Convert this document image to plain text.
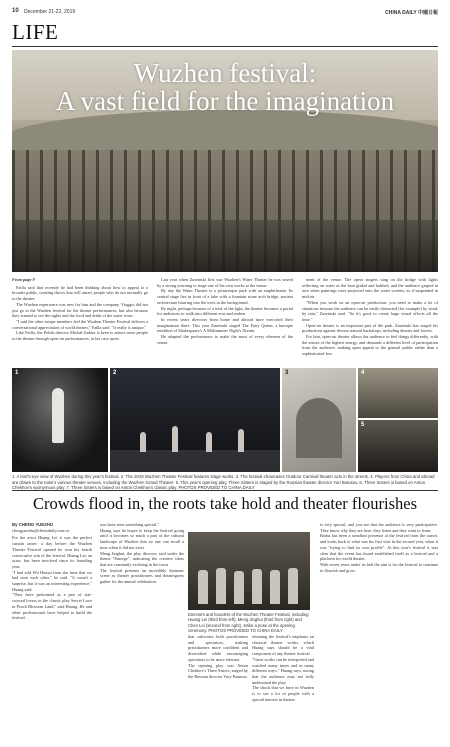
10 December 21-22, 2019	CHINA DAILY 中國日報
LIFE
Wuzhen festival:
A vast field for the imagination

From page 9

Failla said that recently he had been thinking about how to appeal to a broader public, creating shows that will attract people who do not normally go to the theater.

The Wuzhen experience was new for him and the company. Viaggio did not just go to the Wuzhen festival for the theater performances, but also because they wanted to see the sights and the food and drink of the water town.

"I said the other troupe members feel the Wuzhen Theater Festival delivers a conversational appreciation of world theater," Failla said. "It really is unique."

Like Failla, the Polish director Michał Zadara is keen to attract more people to the theater through open-air performances, in his case spots.

Last year when Zaseinski first saw Wuzhen's Water Theater he was seized by a strong yearning to stage one of his own works at the venue.

By day the Water Theater is a picturesque park with an amphitheater. Its central stage lies in front of a lake with a fountain stone arch bridge, ancient architecture blurring into the trees in the background.

By night, perhaps because of a trick of the light, the theater becomes a portal for audiences to walk into different eras and realms.

In recent years directors from home and abroad have exercised their imaginations there. This year Zaseinski staged The Fairy Queen, a baroque rendition of Shakespeare's A Midsummer Night's Dream.

He adapted the performance to make the most of every element of the venue.

ment of the venue. The opera singers sang on the bridge with lights reflecting on water as the boat glided and bobbed, and the audience gasped in awe when paintings were projected onto the water screens, as if suspended in mid-air.

"When you work on an open-air production, you need to make a lot of situations because the audience can be easily distracted (for example) by wind, by rain," Zaseinski said. "So it's good to create large visual effects all the time."

Open-air theater is an important part of the park. Zaseinski has staged his productions against diverse natural backdrops, including deserts and forests.

For him, open-air theater allows the audience to feel things differently, with the senses of the highest energy, and demands a different level of participation from the audience, making open appeal to the general public rather than a sophisticated few.

1	2	3	4
5
1. A bird's-eye view of Wuzhen during this year's festival. 2. The 2019 Wuzhen Theater Festival features stage works. 3. The festival showcases Outdoor Carnival theater acts in the streets. 4. Players from China and abroad are drawn to the town's various theater venues, including the Wuzhen Grand Theater. 5. This year's opening play, Three Sisters is staged by the Russian theater director Yuri Butusov. 6. Three Sisters is based on Anton Chekhov's eponymous play. 7. Three Sisters is based on Anton Chekhov's classic play. PHOTOS PROVIDED TO CHINA DAILY
Crowds flood in, the roots take hold and theater flourishes

By CHENG YUEZHU

chengyuezhu@chinadaily.com.cn

For the actor Huang Lei it was the perfect curtain raiser: a day before the Wuzhen Theater Festival opened he won his fourth consecutive win of the festival. Huang Lei, an actor, has been involved since its founding year.

"I had told Wu Huayu from the time that we had seen each other," he said. "It wasn't a surprise, but it was an interesting experience," Huang said.

"They have performed as a pair of star-crossed lovers in the classic play Secret Love in Peach Blossom Land," said Huang. He and other professionals have helped to build the festival.

you have seen something special."

Huang says he hopes to keep the festival going until it becomes so much a part of the cultural landscape of Wuzhen that no one can recall a time when it did not exist.

Meng Jinghui, the play director, said under the theme "Emerge", indicating the creative ideas that are constantly evolving in the town.

The festival presents an incredibly dynamic scene as theater practitioners and theatergoers gather for the annual celebration.

that cultivates both practitioners and spectators, making practitioners more confident and diversified while encouraging spectators to be more tolerant.

The opening play was Anton Chekhov's Three Sisters, staged by the Russian director Yury Butusov.

retaining the festival's emphasis on classical theater works, which Huang says should be a vital component of any theater festival.

"Great works can be interpreted and watched many times and in many different ways," Huang says, noting that the audience may not fully understand the play.

The shock that we have in Wuzhen is to see a lot of people with a special interest in theater.

is very special, and you see that the audience is very participative. They know why they are here, they listen and they want to learn.

Barba has been a steadfast presence at the festival from the outset, and looks back to what was his first visit in the second year, when it was "trying to find its own profile". At this year's festival it was clear that the event has found established itself as a festival and a platform for world theater.

With seven years under its belt the aim is for the festival to continue to flourish and grow.

Directors and founders of the Wuzhen Theater Festival, including Huang Lei (third from left), Meng Jinghui (third from right) and Chen Lei (second from right), strike a pose at the opening ceremony. PHOTOS PROVIDED TO CHINA DAILY
